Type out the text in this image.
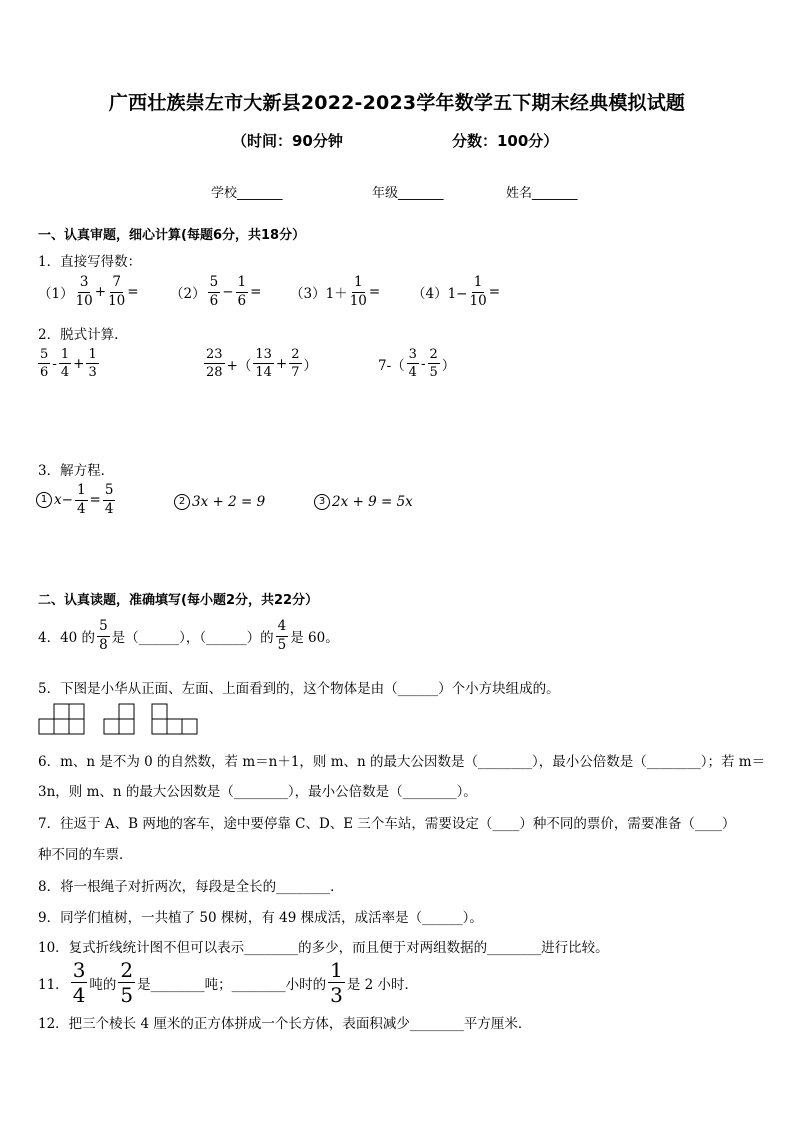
广西壮族崇左市大新县2022-2023学年数学五下期末经典模拟试题
（时间：90分钟	分数：100分）
学校_______	年级_______	姓名_______
一、认真审题，细心计算(每题6分，共18分）
1．直接写得数：
$(1) \frac{3}{10} + \frac{7}{10} = (2) \frac{5}{6} - \frac{1}{6} = (3)1+ \frac{1}{10} = (4)1- \frac{1}{10}$ =
2．脱式计算.
$\frac{5}{6} - \frac{1}{4} + \frac{1}{3}$	$\frac{23}{28}$ +（ $\frac{13}{14} + \frac{2}{7}$ ）	$7-( \frac{3}{4} - \frac{2}{5}$ ）
3．解方程．
1 $x - \frac{1}{4} = \frac{5}{4}$	2 3x + 2 = 9	3 2x + 9 = 5x
二、认真读题，准确填写(每小题2分，共22分）
4．40 的 $\frac{5}{8}$ 是（______），（______）的 $\frac{4}{5}$ 是 60。
5．下图是小华从正面、左面、上面看到的，这个物体是由（______）个小方块组成的。
6．m、n 是不为 0 的自然数，若 m＝n＋1，则 m、n 的最大公因数是（________），最小公倍数是（________）；若 m＝
3n，则 m、n 的最大公因数是（________），最小公倍数是（________）。
7．往返于 A、B 两地的客车，途中要停靠 C、D、E 三个车站，需要设定（____）种不同的票价，需要准备（____）
种不同的车票．
8．将一根绳子对折两次，每段是全长的________．
9．同学们植树，一共植了 50 棵树，有 49 棵成活，成活率是（______）。
10．复式折线统计图不但可以表示________的多少，而且便于对两组数据的________进行比较。
11． $\frac{3}{4}$ 吨的 $\frac{2}{5}$ 是________吨；________小时的 $\frac{1}{3}$ 是 2 小时．
12．把三个棱长 4 厘米的正方体拼成一个长方体，表面积减少________平方厘米．
